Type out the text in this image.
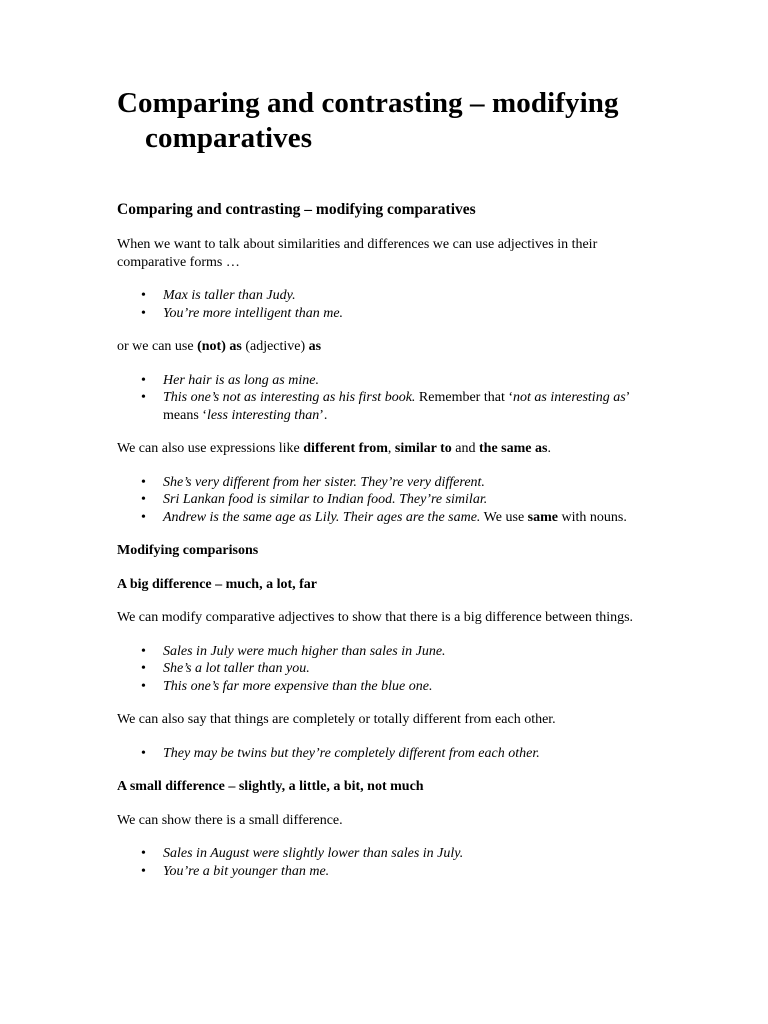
Comparing and contrasting – modifying comparatives
Comparing and contrasting – modifying comparatives

When we want to talk about similarities and differences we can use adjectives in their comparative forms …

• Max is taller than Judy.
• You’re more intelligent than me.

or we can use (not) as (adjective) as

• Her hair is as long as mine.
• This one’s not as interesting as his first book. Remember that ‘not as interesting as’ means ‘less interesting than’.

We can also use expressions like different from, similar to and the same as.

• She’s very different from her sister. They’re very different.
• Sri Lankan food is similar to Indian food. They’re similar.
• Andrew is the same age as Lily. Their ages are the same. We use same with nouns.

Modifying comparisons

A big difference – much, a lot, far

We can modify comparative adjectives to show that there is a big difference between things.

• Sales in July were much higher than sales in June.
• She’s a lot taller than you.
• This one’s far more expensive than the blue one.

We can also say that things are completely or totally different from each other.

• They may be twins but they’re completely different from each other.

A small difference – slightly, a little, a bit, not much

We can show there is a small difference.

• Sales in August were slightly lower than sales in July.
• You’re a bit younger than me.
